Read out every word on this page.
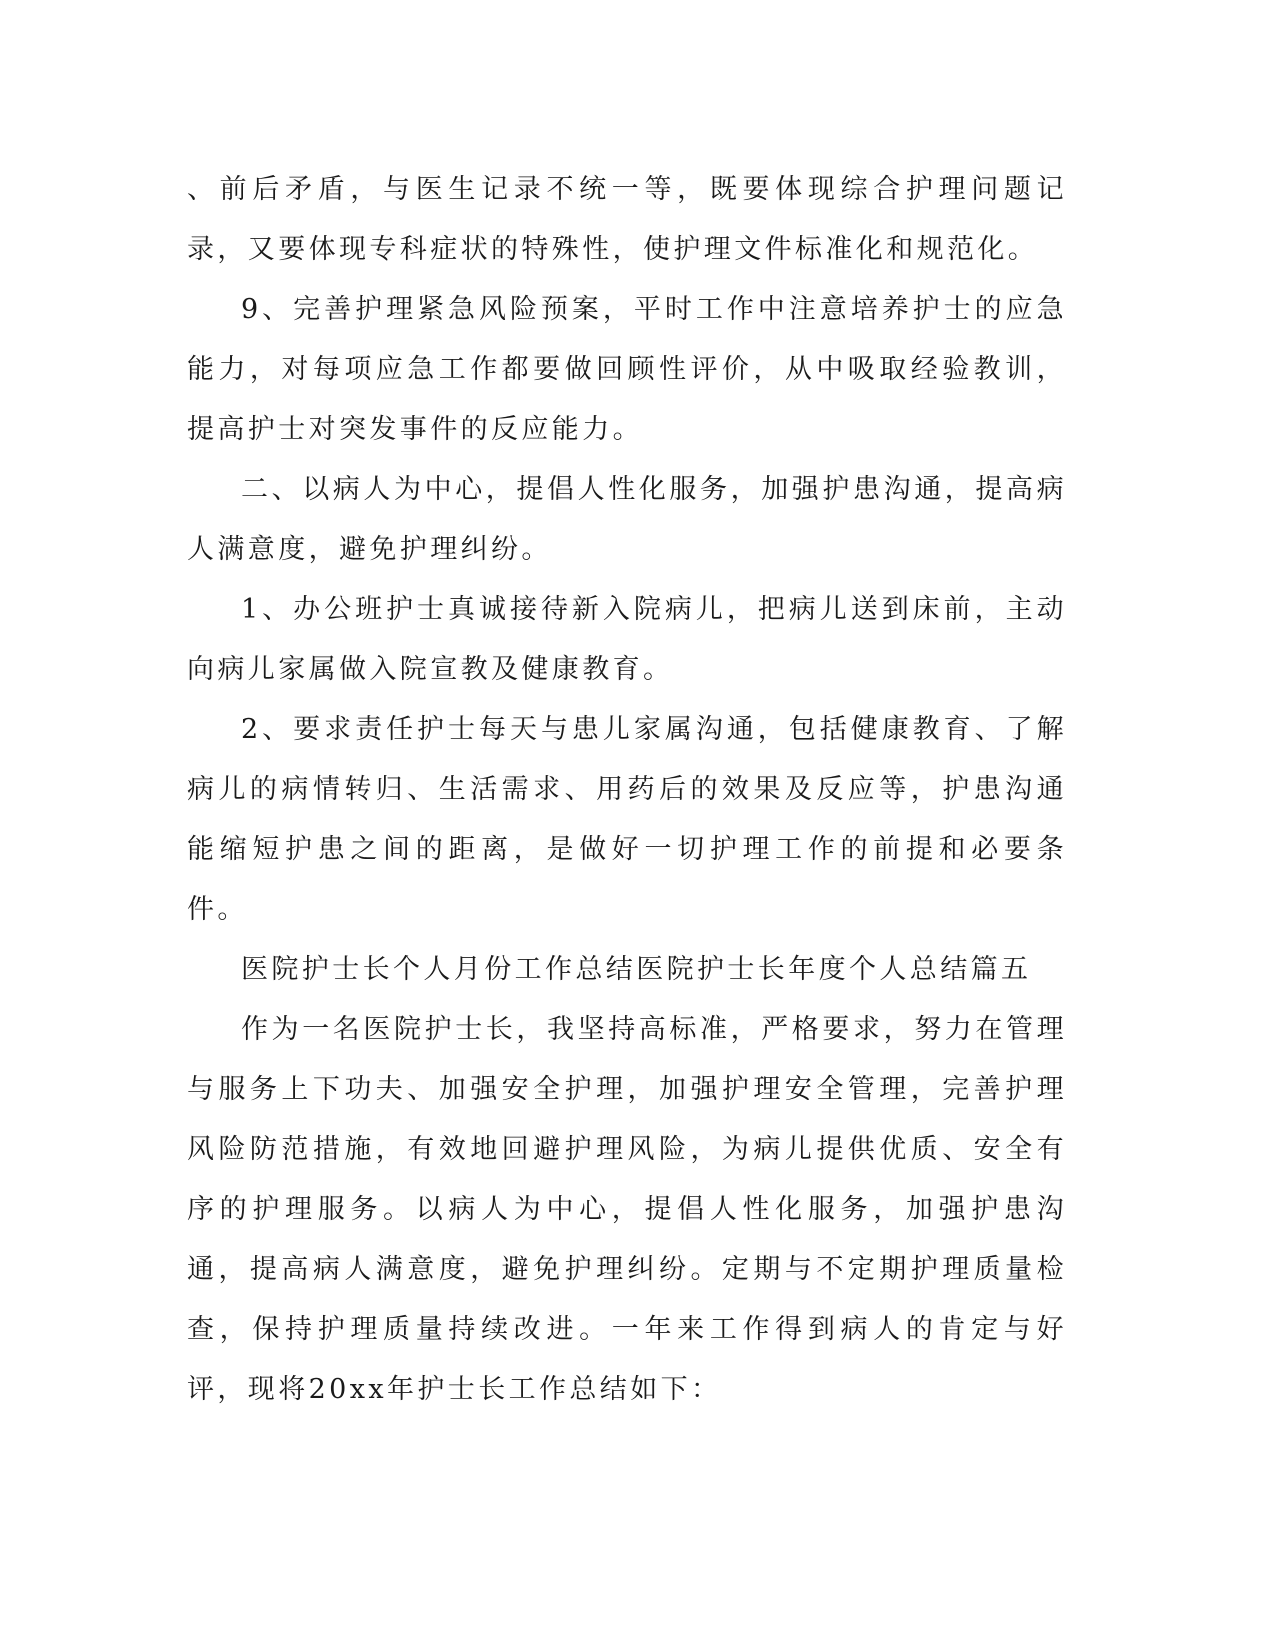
、前后矛盾，与医生记录不统一等，既要体现综合护理问题记录，又要体现专科症状的特殊性，使护理文件标准化和规范化。

9、完善护理紧急风险预案，平时工作中注意培养护士的应急能力，对每项应急工作都要做回顾性评价，从中吸取经验教训，提高护士对突发事件的反应能力。

二、以病人为中心，提倡人性化服务，加强护患沟通，提高病人满意度，避免护理纠纷。

1、办公班护士真诚接待新入院病儿，把病儿送到床前，主动向病儿家属做入院宣教及健康教育。

2、要求责任护士每天与患儿家属沟通，包括健康教育、了解病儿的病情转归、生活需求、用药后的效果及反应等，护患沟通能缩短护患之间的距离，是做好一切护理工作的前提和必要条件。

医院护士长个人月份工作总结医院护士长年度个人总结篇五

作为一名医院护士长，我坚持高标准，严格要求，努力在管理与服务上下功夫、加强安全护理，加强护理安全管理，完善护理风险防范措施，有效地回避护理风险，为病儿提供优质、安全有序的护理服务。以病人为中心，提倡人性化服务，加强护患沟通，提高病人满意度，避免护理纠纷。定期与不定期护理质量检查，保持护理质量持续改进。一年来工作得到病人的肯定与好评，现将20xx年护士长工作总结如下：
